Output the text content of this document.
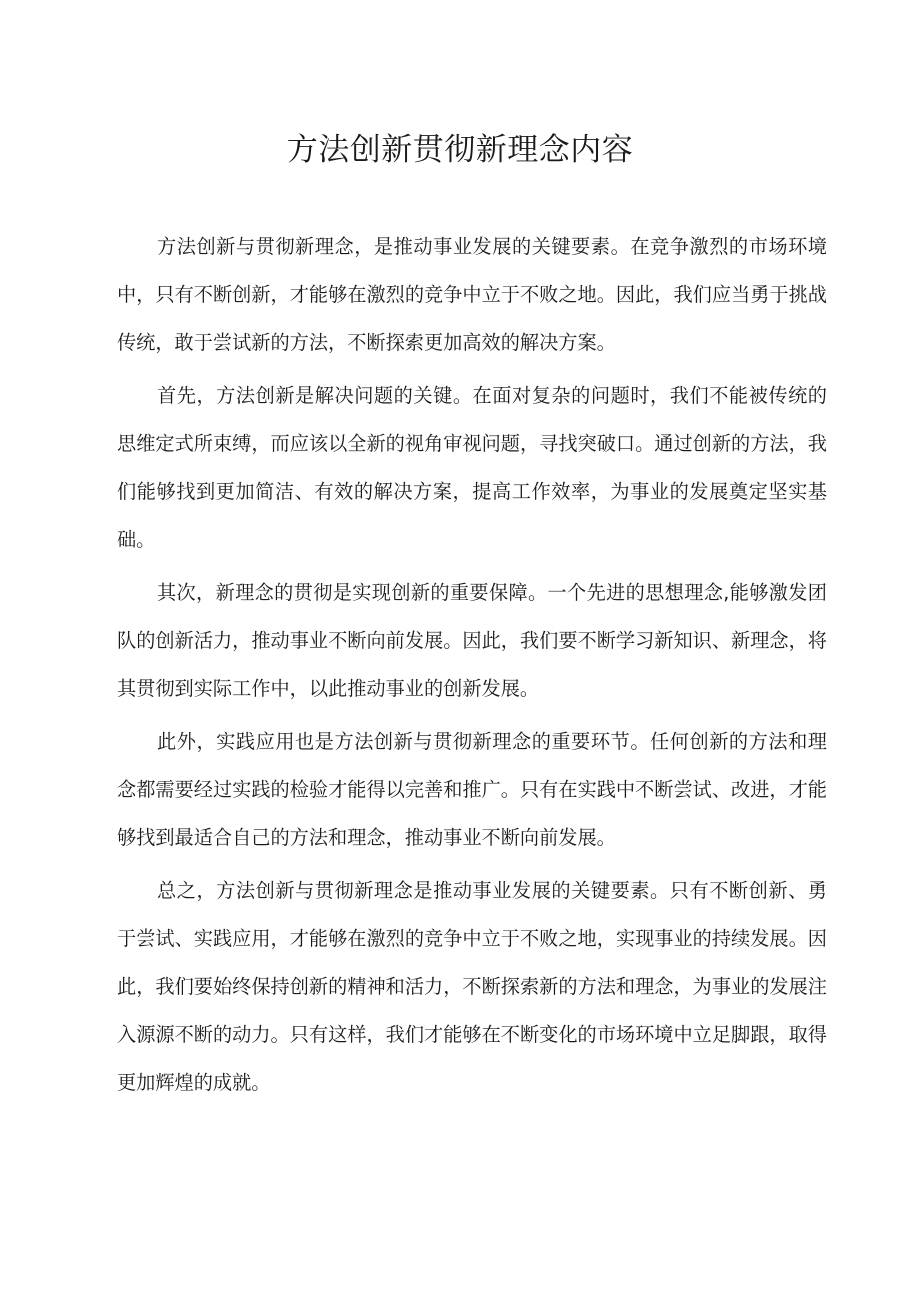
方法创新贯彻新理念内容

方法创新与贯彻新理念，是推动事业发展的关键要素。在竞争激烈的市场环境中，只有不断创新，才能够在激烈的竞争中立于不败之地。因此，我们应当勇于挑战传统，敢于尝试新的方法，不断探索更加高效的解决方案。

首先，方法创新是解决问题的关键。在面对复杂的问题时，我们不能被传统的思维定式所束缚，而应该以全新的视角审视问题，寻找突破口。通过创新的方法，我们能够找到更加简洁、有效的解决方案，提高工作效率，为事业的发展奠定坚实基础。

其次，新理念的贯彻是实现创新的重要保障。一个先进的思想理念,能够激发团队的创新活力，推动事业不断向前发展。因此，我们要不断学习新知识、新理念，将其贯彻到实际工作中，以此推动事业的创新发展。

此外，实践应用也是方法创新与贯彻新理念的重要环节。任何创新的方法和理念都需要经过实践的检验才能得以完善和推广。只有在实践中不断尝试、改进，才能够找到最适合自己的方法和理念，推动事业不断向前发展。

总之，方法创新与贯彻新理念是推动事业发展的关键要素。只有不断创新、勇于尝试、实践应用，才能够在激烈的竞争中立于不败之地，实现事业的持续发展。因此，我们要始终保持创新的精神和活力，不断探索新的方法和理念，为事业的发展注入源源不断的动力。只有这样，我们才能够在不断变化的市场环境中立足脚跟，取得更加辉煌的成就。
